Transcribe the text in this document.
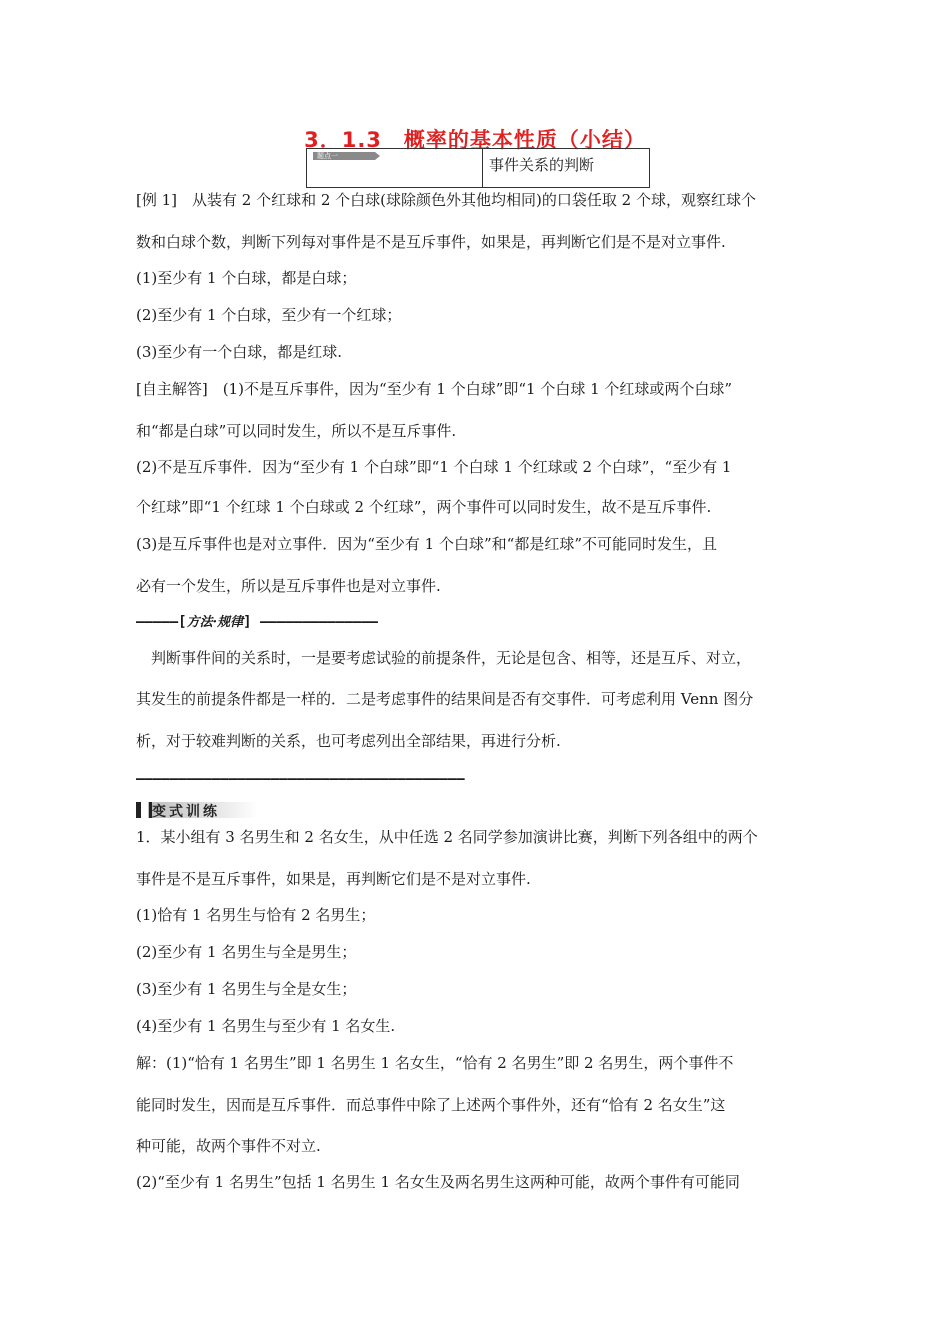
3．1.3　概率的基本性质（小结）
题点一	事件关系的判断
[例 1]　从装有 2 个红球和 2 个白球(球除颜色外其他均相同)的口袋任取 2 个球，观察红球个
数和白球个数，判断下列每对事件是不是互斥事件，如果是，再判断它们是不是对立事件.
(1)至少有 1 个白球，都是白球；
(2)至少有 1 个白球，至少有一个红球；
(3)至少有一个白球，都是红球.
[自主解答]　(1)不是互斥事件，因为“至少有 1 个白球”即“1 个白球 1 个红球或两个白球”
和“都是白球”可以同时发生，所以不是互斥事件.
(2)不是互斥事件．因为“至少有 1 个白球”即“1 个白球 1 个红球或 2 个白球”，“至少有 1
个红球”即“1 个红球 1 个白球或 2 个红球”，两个事件可以同时发生，故不是互斥事件.
(3)是互斥事件也是对立事件．因为“至少有 1 个白球”和“都是红球”不可能同时发生，且
必有一个发生，所以是互斥事件也是对立事件.
—————[方法·规律] ——————————————
　判断事件间的关系时，一是要考虑试验的前提条件，无论是包含、相等，还是互斥、对立，
其发生的前提条件都是一样的．二是考虑事件的结果间是否有交事件．可考虑利用 Venn 图分
析，对于较难判断的关系，也可考虑列出全部结果，再进行分析.
———————————————————————————————————————
变式训练
1．某小组有 3 名男生和 2 名女生，从中任选 2 名同学参加演讲比赛，判断下列各组中的两个
事件是不是互斥事件，如果是，再判断它们是不是对立事件.
(1)恰有 1 名男生与恰有 2 名男生；
(2)至少有 1 名男生与全是男生；
(3)至少有 1 名男生与全是女生；
(4)至少有 1 名男生与至少有 1 名女生.
解：(1)“恰有 1 名男生”即 1 名男生 1 名女生，“恰有 2 名男生”即 2 名男生，两个事件不
能同时发生，因而是互斥事件．而总事件中除了上述两个事件外，还有“恰有 2 名女生”这
种可能，故两个事件不对立.
(2)“至少有 1 名男生”包括 1 名男生 1 名女生及两名男生这两种可能，故两个事件有可能同
